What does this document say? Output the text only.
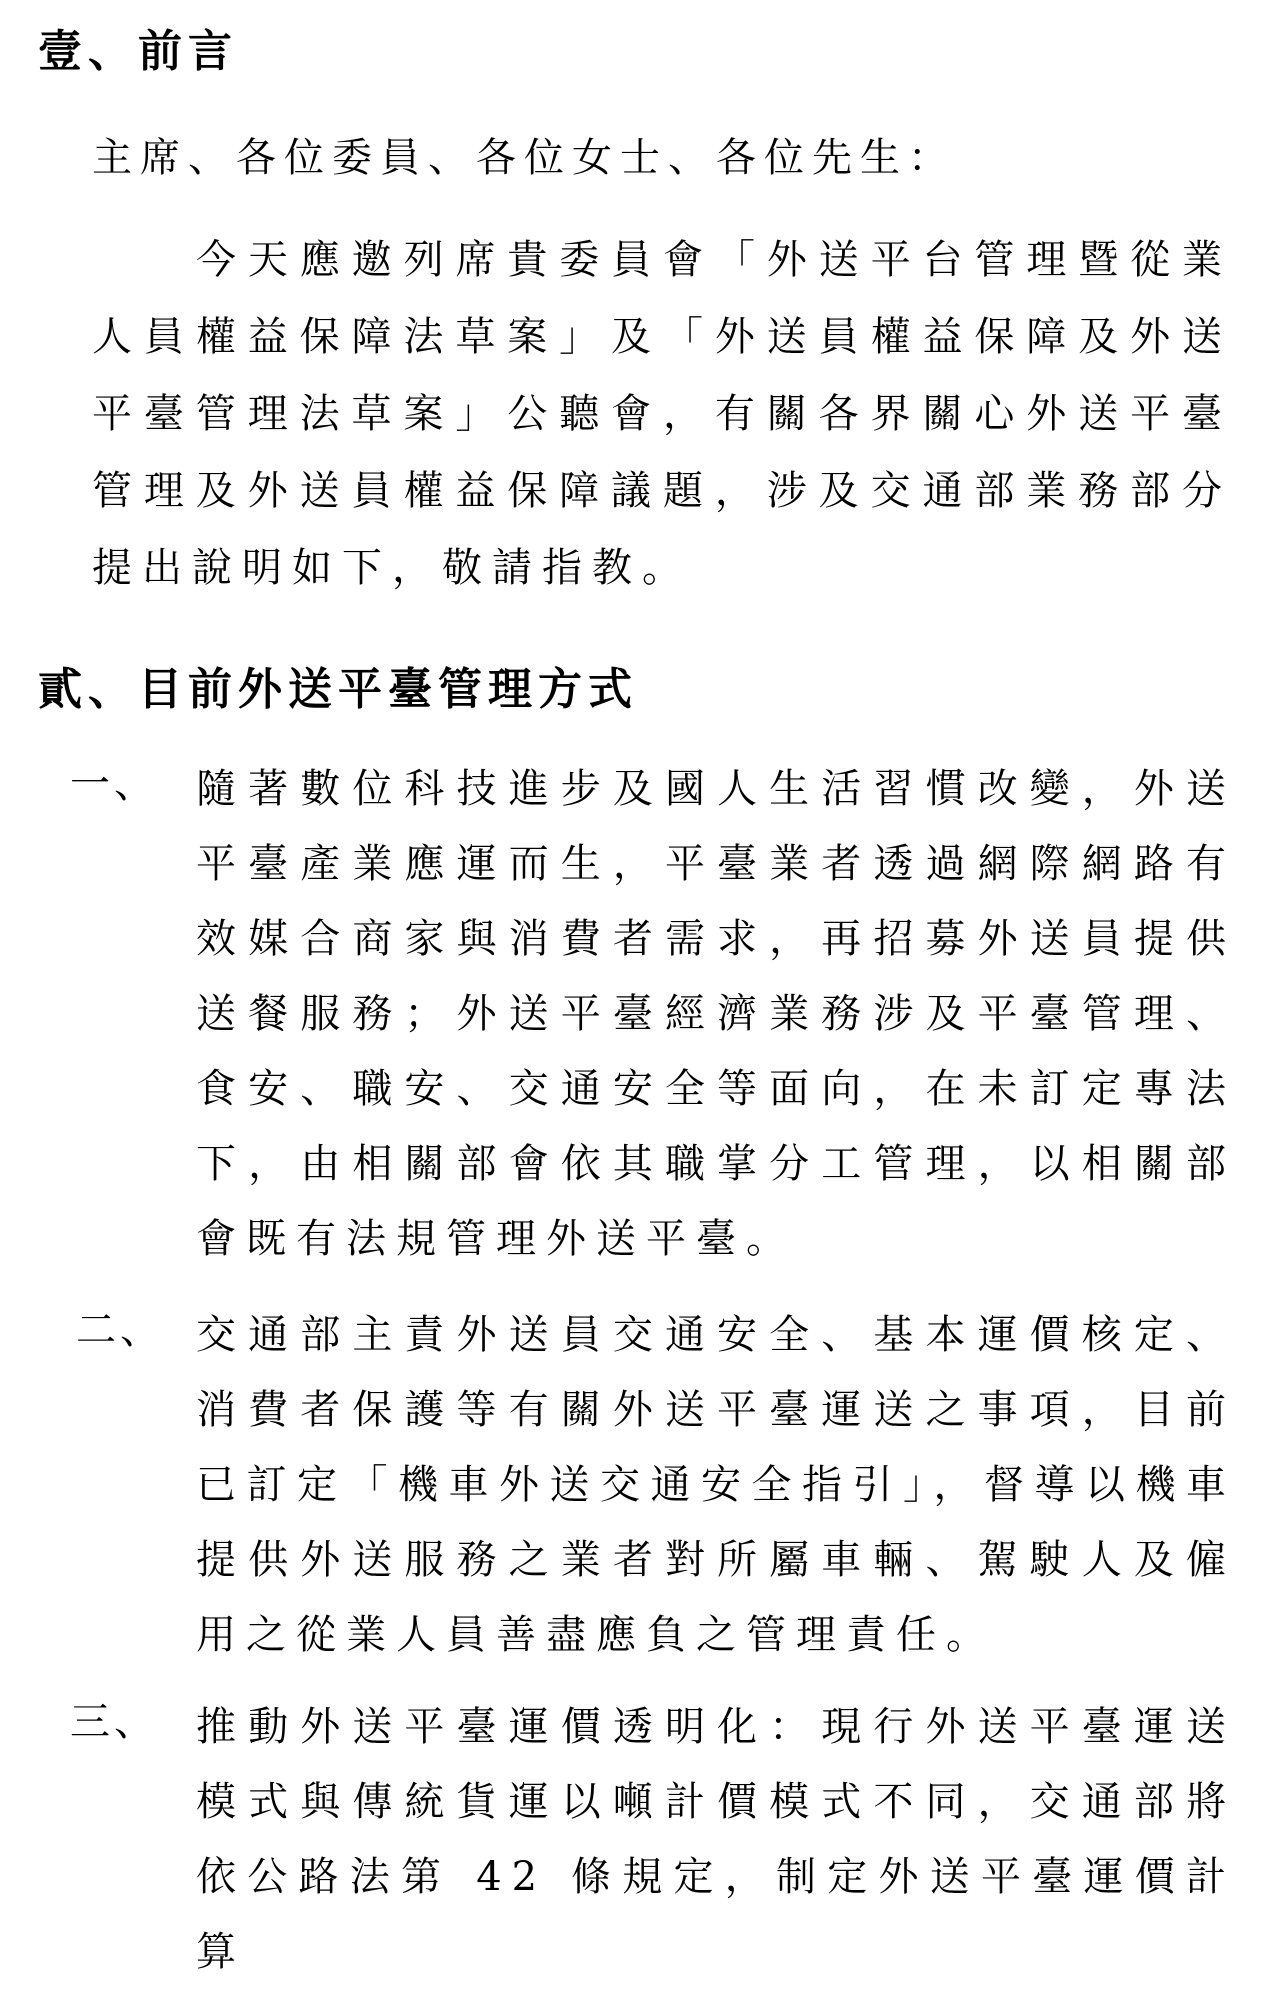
壹、前言
主席、各位委員、各位女士、各位先生：

今天應邀列席貴委員會「外送平台管理暨從業人員權益保障法草案」及「外送員權益保障及外送平臺管理法草案」公聽會，有關各界關心外送平臺管理及外送員權益保障議題，涉及交通部業務部分提出說明如下，敬請指教。

貳、目前外送平臺管理方式
一、 隨著數位科技進步及國人生活習慣改變，外送平臺產業應運而生，平臺業者透過網際網路有效媒合商家與消費者需求，再招募外送員提供送餐服務；外送平臺經濟業務涉及平臺管理、食安、職安、交通安全等面向，在未訂定專法下，由相關部會依其職掌分工管理，以相關部會既有法規管理外送平臺。

二、 交通部主責外送員交通安全、基本運價核定、消費者保護等有關外送平臺運送之事項，目前已訂定「機車外送交通安全指引」，督導以機車提供外送服務之業者對所屬車輛、駕駛人及僱用之從業人員善盡應負之管理責任。

三、 推動外送平臺運價透明化：現行外送平臺運送模式與傳統貨運以噸計價模式不同，交通部將依公路法第 42 條規定，制定外送平臺運價計算
